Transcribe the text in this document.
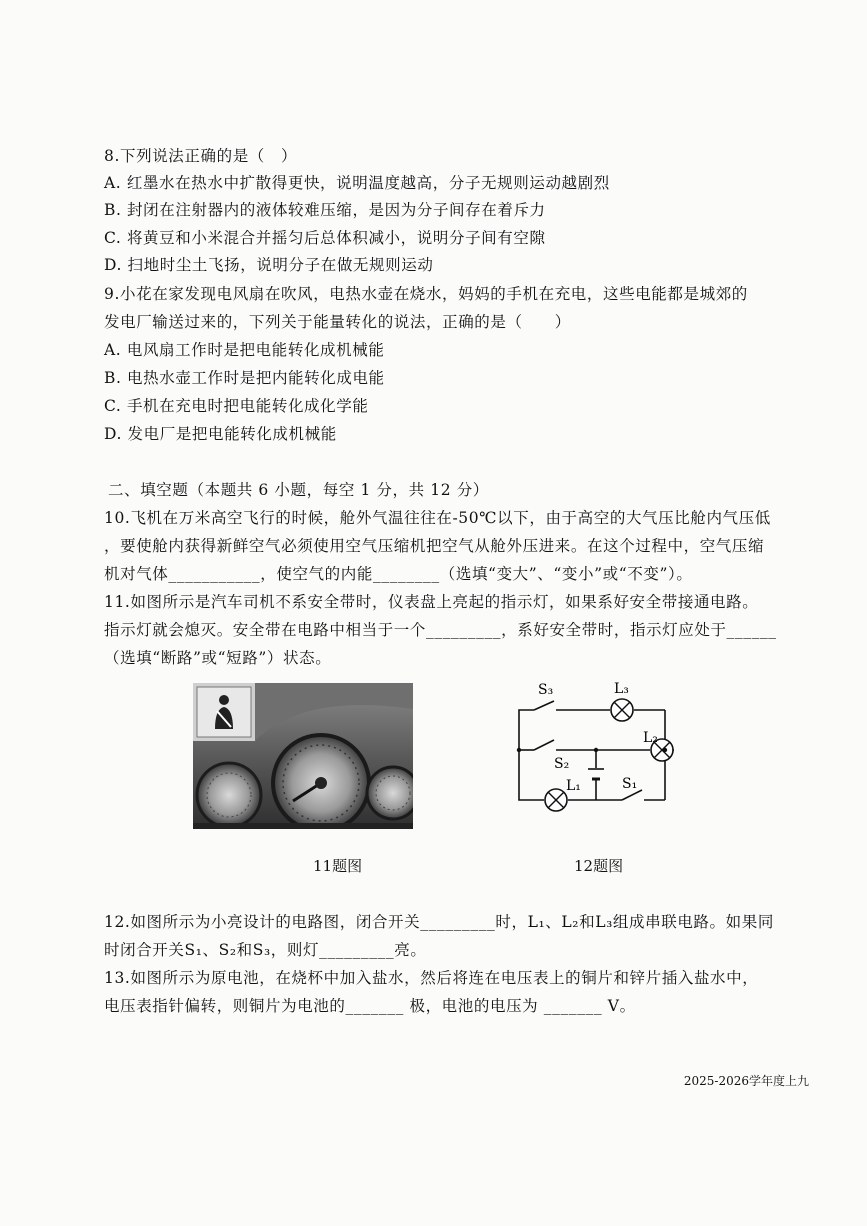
8.下列说法正确的是（　）
A. 红墨水在热水中扩散得更快，说明温度越高，分子无规则运动越剧烈
B. 封闭在注射器内的液体较难压缩，是因为分子间存在着斥力
C. 将黄豆和小米混合并摇匀后总体积减小，说明分子间有空隙
D. 扫地时尘土飞扬，说明分子在做无规则运动
9.小花在家发现电风扇在吹风，电热水壶在烧水，妈妈的手机在充电，这些电能都是城郊的
发电厂输送过来的，下列关于能量转化的说法，正确的是（　　）
A. 电风扇工作时是把电能转化成机械能
B. 电热水壶工作时是把内能转化成电能
C. 手机在充电时把电能转化成化学能
D. 发电厂是把电能转化成机械能
二、填空题（本题共 6 小题，每空 1 分，共 12 分）
10.飞机在万米高空飞行的时候，舱外气温往往在-50℃以下，由于高空的大气压比舱内气压低
，要使舱内获得新鲜空气必须使用空气压缩机把空气从舱外压进来。在这个过程中，空气压缩
机对气体___________，使空气的内能________（选填“变大”、“变小”或“不变”）。
11.如图所示是汽车司机不系安全带时，仪表盘上亮起的指示灯，如果系好安全带接通电路。
指示灯就会熄灭。安全带在电路中相当于一个_________，系好安全带时，指示灯应处于______
（选填“断路”或“短路”）状态。
11题图
S₃	L₃
L₂
S₂
L₁	S₁
12题图
12.如图所示为小亮设计的电路图，闭合开关_________时，L₁、L₂和L₃组成串联电路。如果同
时闭合开关S₁、S₂和S₃，则灯_________亮。
13.如图所示为原电池，在烧杯中加入盐水，然后将连在电压表上的铜片和锌片插入盐水中，
电压表指针偏转，则铜片为电池的_______ 极，电池的电压为 _______ V。
2025-2026学年度上九
